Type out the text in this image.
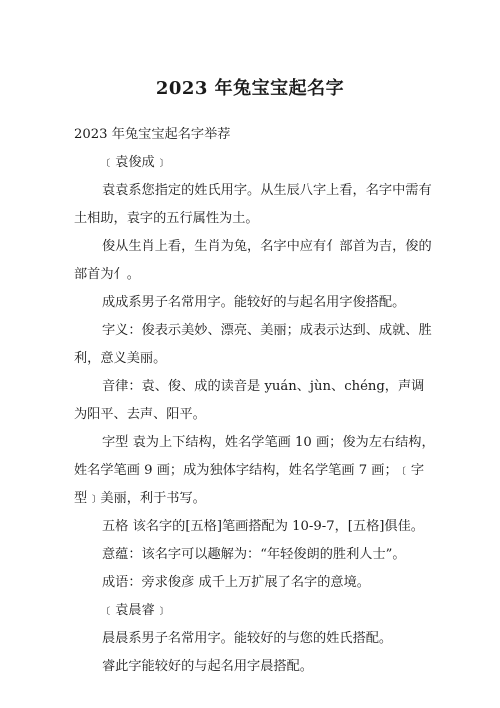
2023 年兔宝宝起名字

2023 年兔宝宝起名字举荐

﹝袁俊成﹞

袁袁系您指定的姓氏用字。从生辰八字上看，名字中需有土相助，袁字的五行属性为土。

俊从生肖上看，生肖为兔，名字中应有亻部首为吉，俊的部首为亻。

成成系男子名常用字。能较好的与起名用字俊搭配。

字义：俊表示美妙、漂亮、美丽；成表示达到、成就、胜利，意义美丽。

音律：袁、俊、成的读音是 yuán、jùn、chéng，声调为阳平、去声、阳平。

字型 袁为上下结构，姓名学笔画 10 画；俊为左右结构，姓名学笔画 9 画；成为独体字结构，姓名学笔画 7 画；﹝字型﹞美丽，利于书写。

五格 该名字的[五格]笔画搭配为 10-9-7，[五格]俱佳。

意蕴：该名字可以趣解为：“年轻俊朗的胜利人士”。

成语：旁求俊彦 成千上万扩展了名字的意境。

﹝袁晨睿﹞

晨晨系男子名常用字。能较好的与您的姓氏搭配。

睿此字能较好的与起名用字晨搭配。
